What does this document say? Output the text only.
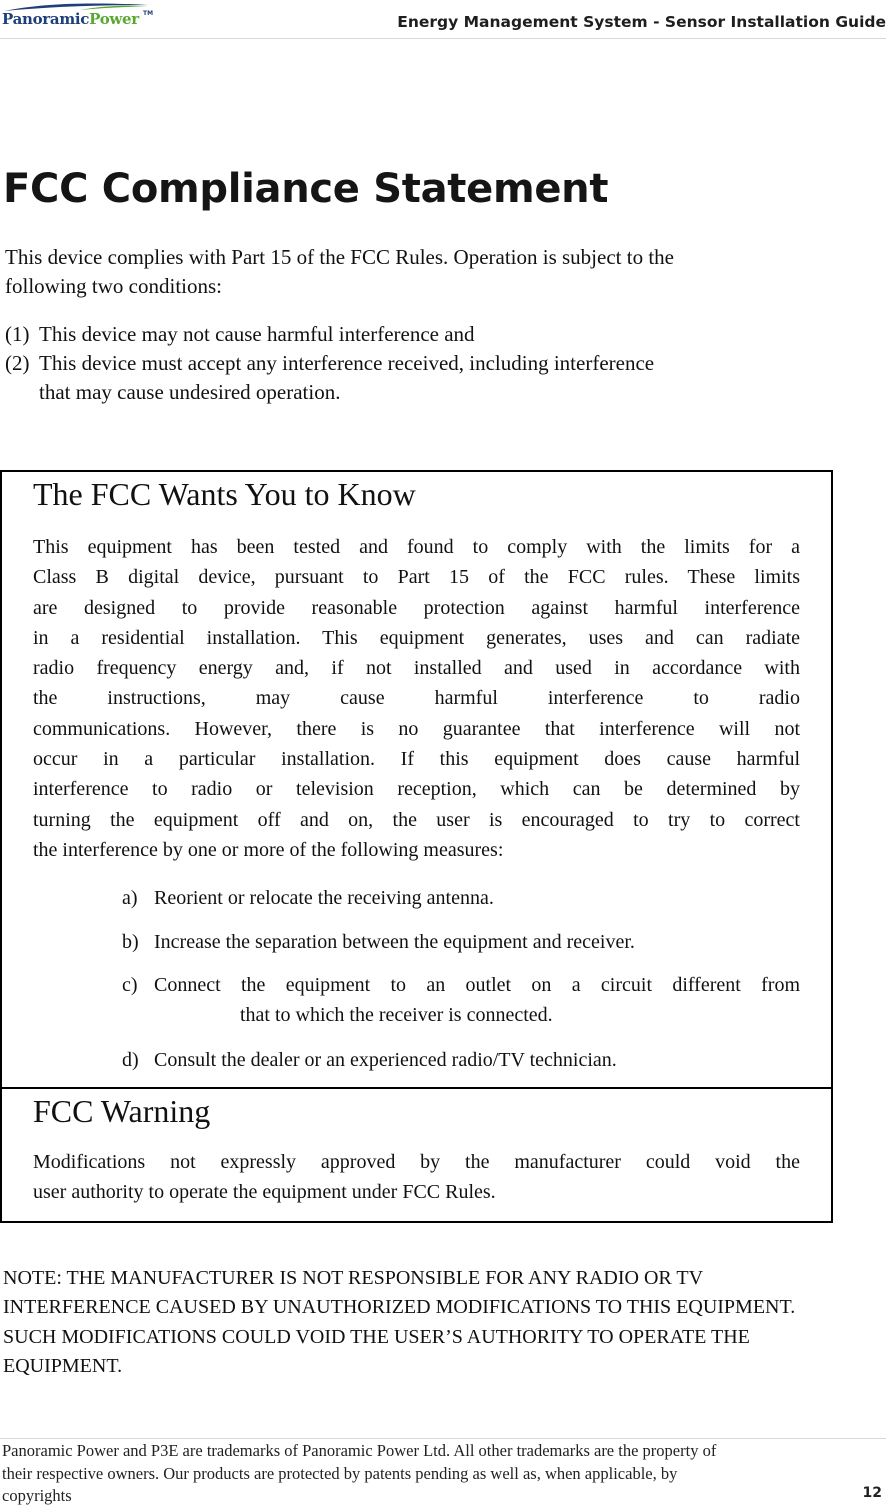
PanoramicPower TM	Energy Management System - Sensor Installation Guide
FCC Compliance Statement

This device complies with Part 15 of the FCC Rules. Operation is subject to the
following two conditions:

(1) This device may not cause harmful interference and
(2) This device must accept any interference received, including interference
that may cause undesired operation.
The FCC Wants You to Know

This equipment has been tested and found to comply with the limits for a
Class B digital device, pursuant to Part 15 of the FCC rules. These limits
are designed to provide reasonable protection against harmful interference
in a residential installation. This equipment generates, uses and can radiate
radio frequency energy and, if not installed and used in accordance with
the instructions, may cause harmful interference to radio
communications. However, there is no guarantee that interference will not
occur in a particular installation. If this equipment does cause harmful
interference to radio or television reception, which can be determined by
turning the equipment off and on, the user is encouraged to try to correct
the interference by one or more of the following measures:

a) Reorient or relocate the receiving antenna.
b) Increase the separation between the equipment and receiver.
c) Connect the equipment to an outlet on a circuit different from
that to which the receiver is connected.
d) Consult the dealer or an experienced radio/TV technician.
FCC Warning

Modifications not expressly approved by the manufacturer could void the
user authority to operate the equipment under FCC Rules.

NOTE: THE MANUFACTURER IS NOT RESPONSIBLE FOR ANY RADIO OR TV
INTERFERENCE CAUSED BY UNAUTHORIZED MODIFICATIONS TO THIS EQUIPMENT.
SUCH MODIFICATIONS COULD VOID THE USER’S AUTHORITY TO OPERATE THE
EQUIPMENT.

Panoramic Power and P3E are trademarks of Panoramic Power Ltd. All other trademarks are the property of
their respective owners. Our products are protected by patents pending as well as, when applicable, by
copyrights	12
